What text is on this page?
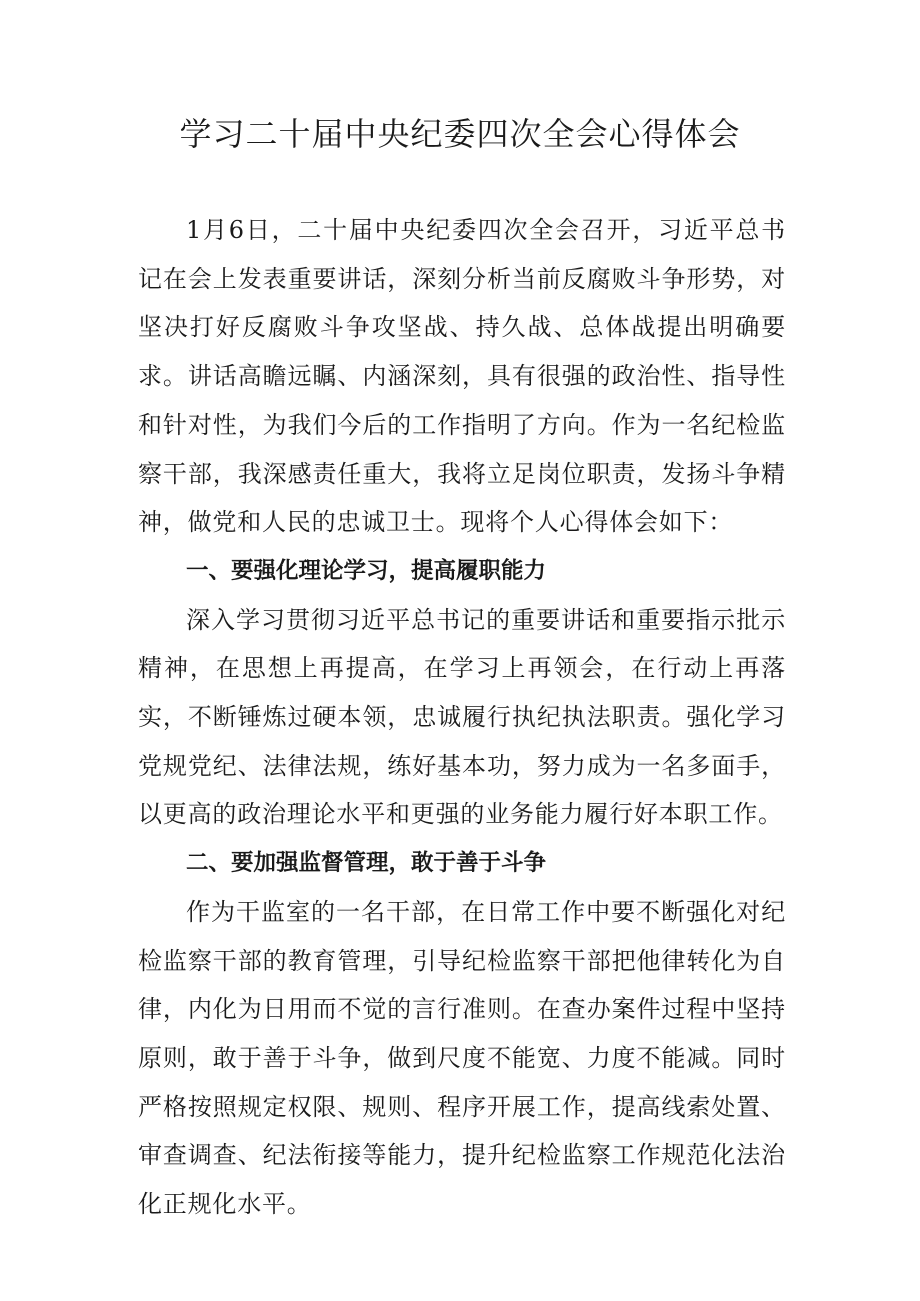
学习二十届中央纪委四次全会心得体会

1月6日，二十届中央纪委四次全会召开，习近平总书记在会上发表重要讲话，深刻分析当前反腐败斗争形势，对坚决打好反腐败斗争攻坚战、持久战、总体战提出明确要求。讲话高瞻远瞩、内涵深刻，具有很强的政治性、指导性和针对性，为我们今后的工作指明了方向。作为一名纪检监察干部，我深感责任重大，我将立足岗位职责，发扬斗争精神，做党和人民的忠诚卫士。现将个人心得体会如下：

一、要强化理论学习，提高履职能力

深入学习贯彻习近平总书记的重要讲话和重要指示批示精神，在思想上再提高，在学习上再领会，在行动上再落实，不断锤炼过硬本领，忠诚履行执纪执法职责。强化学习党规党纪、法律法规，练好基本功，努力成为一名多面手，以更高的政治理论水平和更强的业务能力履行好本职工作。

二、要加强监督管理，敢于善于斗争

作为干监室的一名干部，在日常工作中要不断强化对纪检监察干部的教育管理，引导纪检监察干部把他律转化为自律，内化为日用而不觉的言行准则。在查办案件过程中坚持原则，敢于善于斗争，做到尺度不能宽、力度不能减。同时严格按照规定权限、规则、程序开展工作，提高线索处置、审查调查、纪法衔接等能力，提升纪检监察工作规范化法治化正规化水平。
